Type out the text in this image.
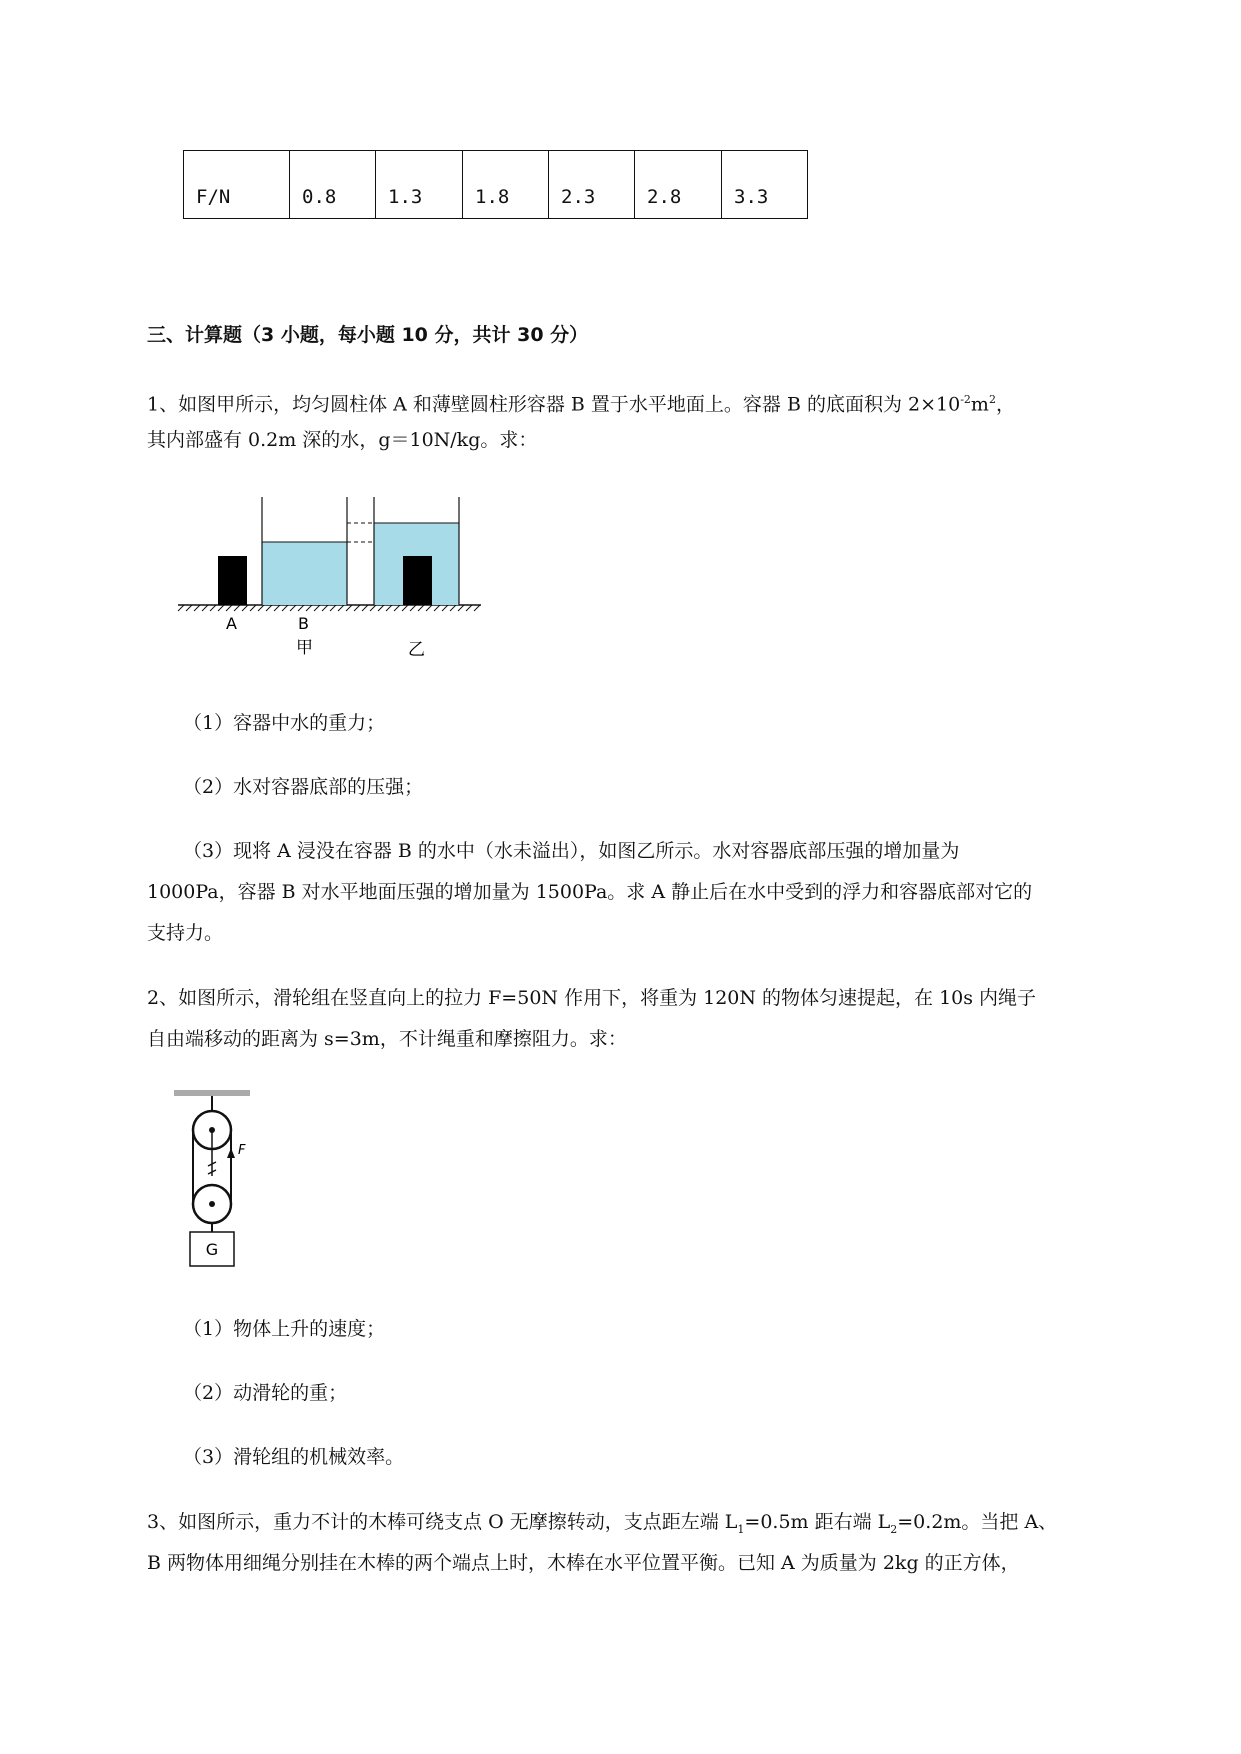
F/N	0.8	1.3	1.8	2.3	2.8	3.3
三、计算题（3 小题，每小题 10 分，共计 30 分）
1、如图甲所示，均匀圆柱体 A 和薄壁圆柱形容器 B 置于水平地面上。容器 B 的底面积为 $2\times 10^{-2}m^2$，
其内部盛有 0.2m 深的水，g＝10N/kg。求：
A	B
甲	乙
（1）容器中水的重力；
（2）水对容器底部的压强；
（3）现将 A 浸没在容器 B 的水中（水未溢出），如图乙所示。水对容器底部压强的增加量为
1000Pa，容器 B 对水平地面压强的增加量为 1500Pa。求 A 静止后在水中受到的浮力和容器底部对它的
支持力。
2、如图所示，滑轮组在竖直向上的拉力 F=50N 作用下，将重为 120N 的物体匀速提起，在 10s 内绳子
自由端移动的距离为 s=3m，不计绳重和摩擦阻力。求：
F
G
（1）物体上升的速度；
（2）动滑轮的重；
（3）滑轮组的机械效率。
3、如图所示，重力不计的木棒可绕支点 O 无摩擦转动，支点距左端 $L_1=0.5m$ 距右端 $L_2=0.2m$。当把 A、
B 两物体用细绳分别挂在木棒的两个端点上时，木棒在水平位置平衡。已知 A 为质量为 2kg 的正方体，
